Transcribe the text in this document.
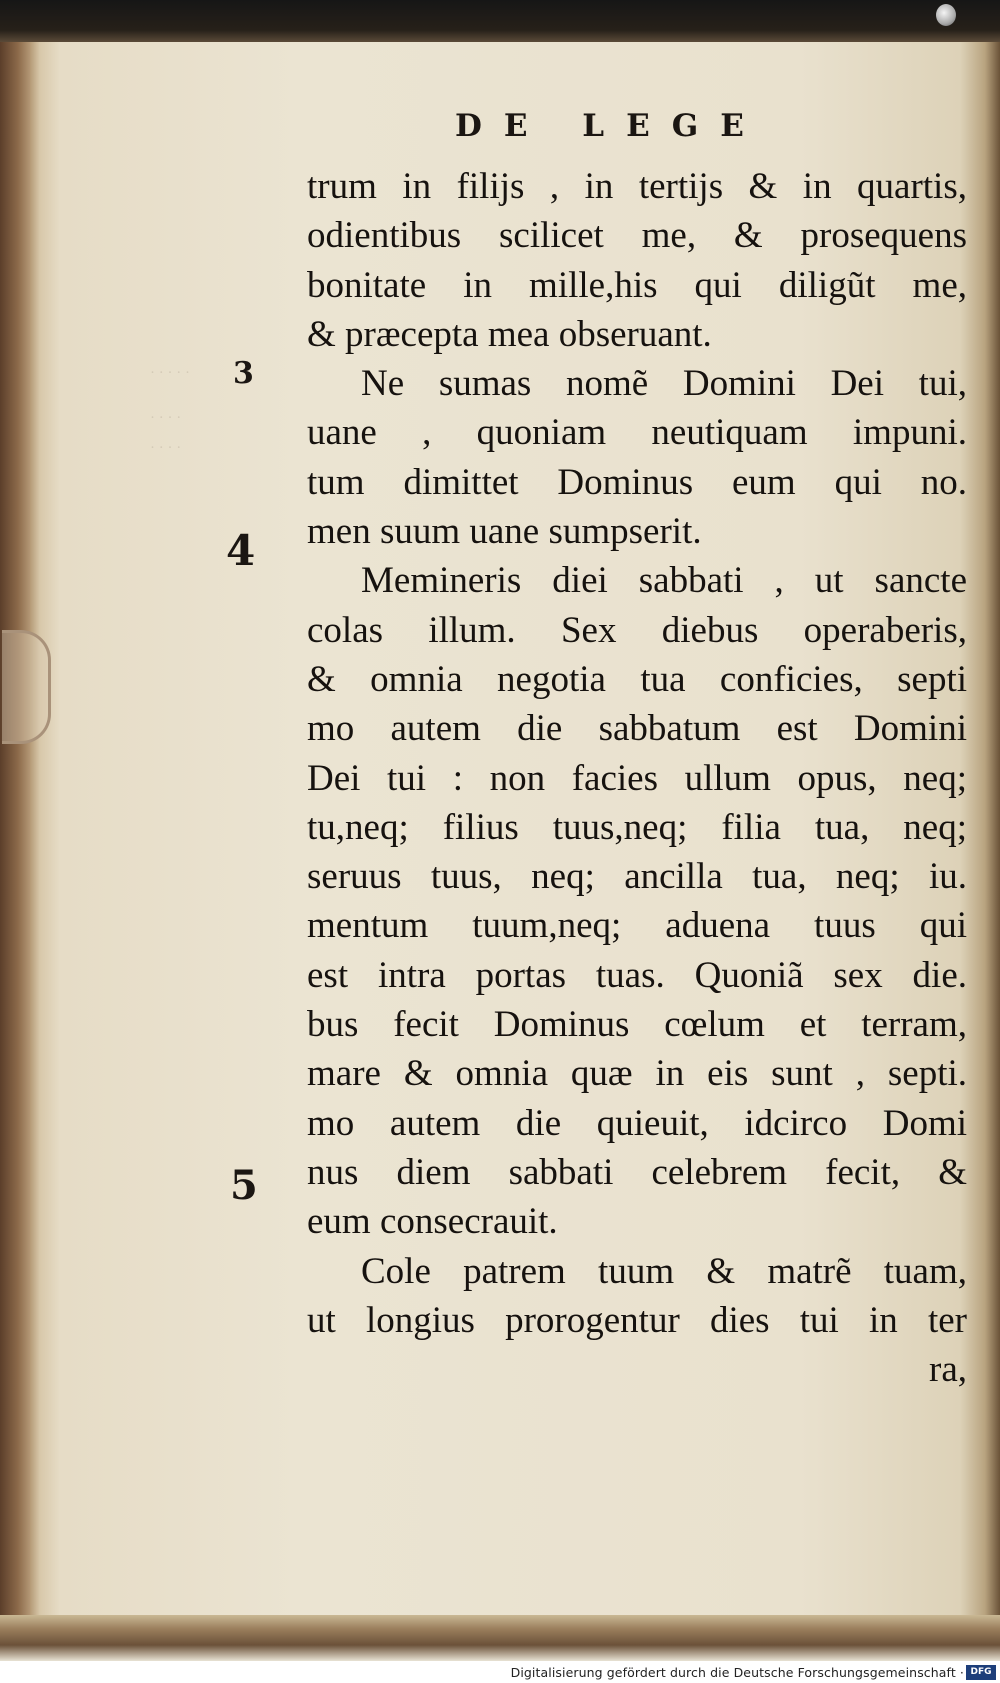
· · · · ·
· · · ·
· · · ·
DE LEGE
3
4
5
trum in filijs , in tertijs & in quartis,
odientibus scilicet me, & prosequens
bonitate in mille,his qui diligũt me,
& præcepta mea obseruant.
Ne sumas nomẽ Domini Dei tui,
uane , quoniam neutiquam impuni.
tum dimittet Dominus eum qui no.
men suum uane sumpserit.
Memineris diei sabbati , ut sancte
colas illum. Sex diebus operaberis,
& omnia negotia tua conficies, septi
mo autem die sabbatum est Domini
Dei tui : non facies ullum opus, neq;
tu,neq; filius tuus,neq; filia tua, neq;
seruus tuus, neq; ancilla tua, neq; iu.
mentum tuum,neq; aduena tuus qui
est intra portas tuas. Quoniã sex die.
bus fecit Dominus cœlum et terram,
mare & omnia quæ in eis sunt , septi.
mo autem die quieuit, idcirco Domi
nus diem sabbati celebrem fecit, &
eum consecrauit.
Cole patrem tuum & matrẽ tuam,
ut longius prorogentur dies tui in ter
ra,
Digitalisierung gefördert durch die Deutsche Forschungsgemeinschaft · DFG
